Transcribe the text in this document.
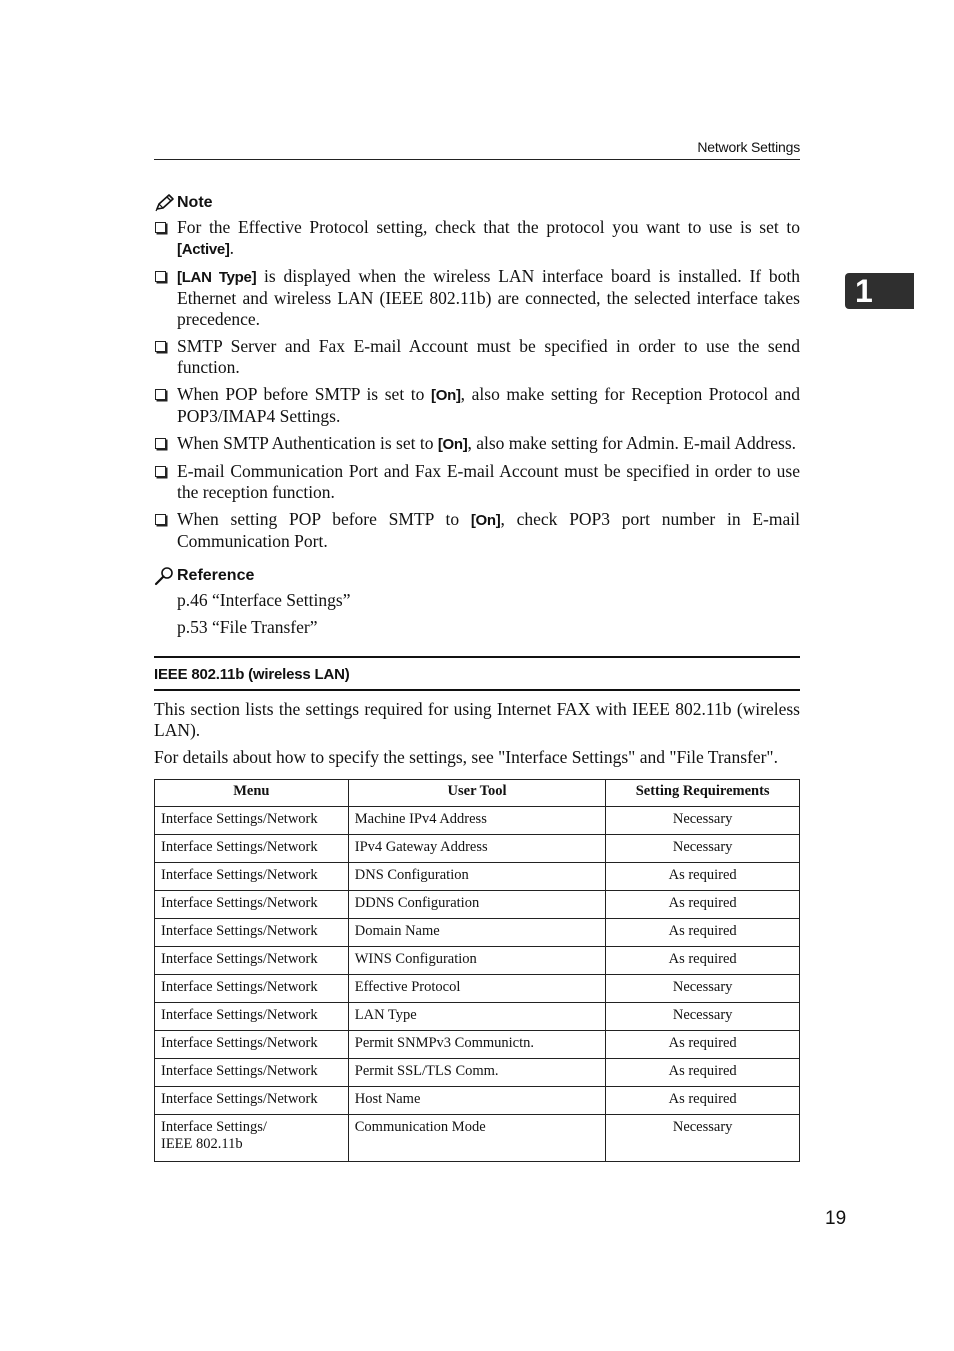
Network Settings
1
Note
For the Effective Protocol setting, check that the protocol you want to use is set to [Active].
[LAN Type] is displayed when the wireless LAN interface board is installed. If both Ethernet and wireless LAN (IEEE 802.11b) are connected, the selected interface takes precedence.
SMTP Server and Fax E-mail Account must be specified in order to use the send function.
When POP before SMTP is set to [On], also make setting for Reception Protocol and POP3/IMAP4 Settings.
When SMTP Authentication is set to [On], also make setting for Admin. E-mail Address.
E-mail Communication Port and Fax E-mail Account must be specified in order to use the reception function.
When setting POP before SMTP to [On], check POP3 port number in E-mail Communication Port.
Reference
p.46 “Interface Settings”
p.53 “File Transfer”
IEEE 802.11b (wireless LAN)

This section lists the settings required for using Internet FAX with IEEE 802.11b (wireless LAN).

For details about how to specify the settings, see "Interface Settings" and "File Transfer".

Menu	User Tool	Setting Requirements
Interface Settings/Network	Machine IPv4 Address	Necessary
Interface Settings/Network	IPv4 Gateway Address	Necessary
Interface Settings/Network	DNS Configuration	As required
Interface Settings/Network	DDNS Configuration	As required
Interface Settings/Network	Domain Name	As required
Interface Settings/Network	WINS Configuration	As required
Interface Settings/Network	Effective Protocol	Necessary
Interface Settings/Network	LAN Type	Necessary
Interface Settings/Network	Permit SNMPv3 Communictn.	As required
Interface Settings/Network	Permit SSL/TLS Comm.	As required
Interface Settings/Network	Host Name	As required
Interface Settings/
IEEE 802.11b	Communication Mode	Necessary
19
